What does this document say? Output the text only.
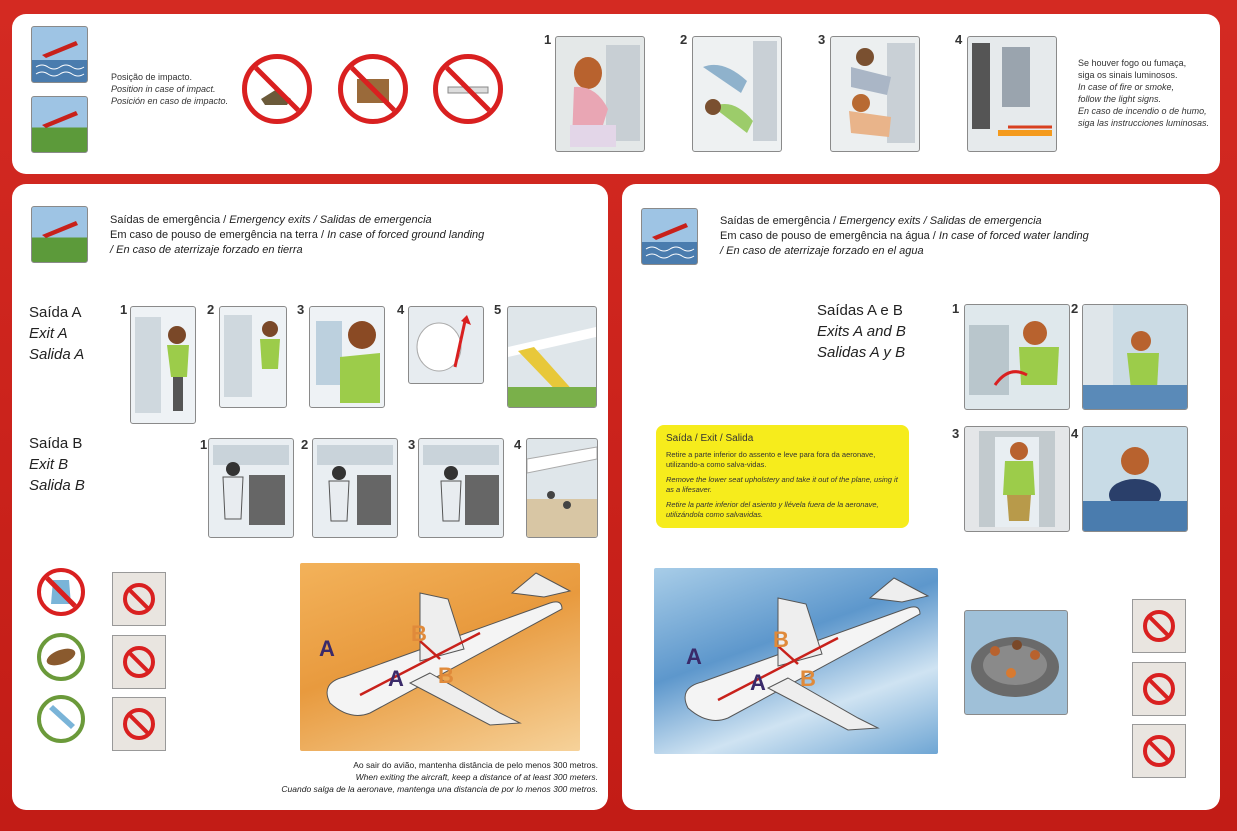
Posição de impacto.
Position in case of impact.
Posición en caso de impacto.
1	2	3	4
Se houver fogo ou fumaça,
siga os sinais luminosos.
In case of fire or smoke,
follow the light signs.
En caso de incendio o de humo,
siga las instrucciones luminosas.
Saídas de emergência / Emergency exits / Salidas de emergencia
Em caso de pouso de emergência na terra / In case of forced ground landing
/ En caso de aterrizaje forzado en tierra
Saída A
Exit A
Salida A
1	2	3	4	5
Saída B
Exit B
Salida B
1	2	3	4
A
A
B
B
Ao sair do avião, mantenha distância de pelo menos 300 metros.
When exiting the aircraft, keep a distance of at least 300 meters.
Cuando salga de la aeronave, mantenga una distancia de por lo menos 300 metros.
Saídas de emergência / Emergency exits / Salidas de emergencia
Em caso de pouso de emergência na água / In case of forced water landing
/ En caso de aterrizaje forzado en el agua
Saídas A e B
Exits A and B
Salidas A y B
1	2
3	4
Saída / Exit / Salida
Retire a parte inferior do assento e leve para fora da aeronave, utilizando-a como salva-vidas.
Remove the lower seat upholstery and take it out of the plane, using it as a lifesaver.
Retire la parte inferior del asiento y llévela fuera de la aeronave, utilizándola como salvavidas.
A
A
B
B
